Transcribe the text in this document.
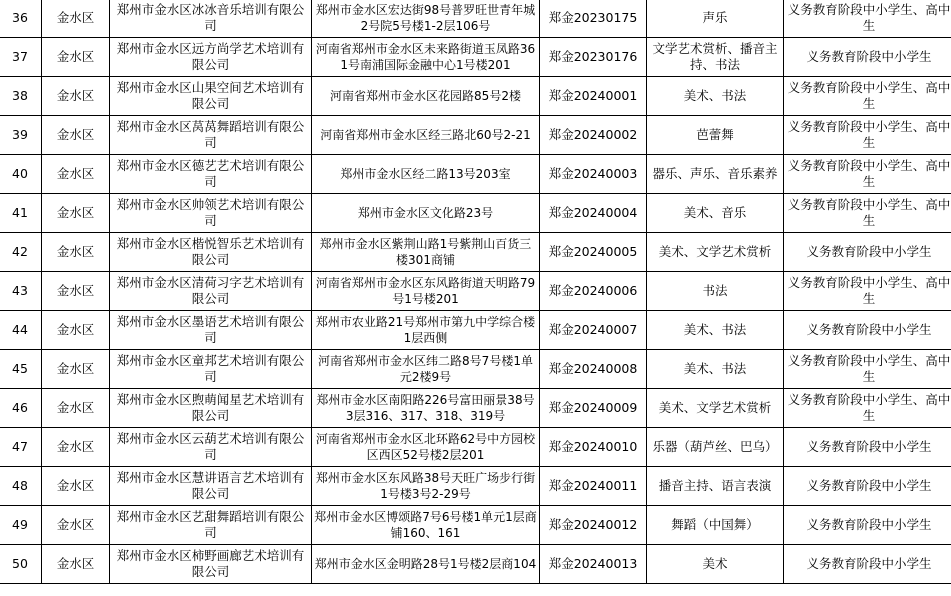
36	金水区	郑州市金水区冰冰音乐培训有限公司	郑州市金水区宏达街98号普罗旺世青年城2号院5号楼1-2层106号	郑金20230175	声乐	义务教育阶段中小学生、高中生
37	金水区	郑州市金水区远方尚学艺术培训有限公司	河南省郑州市金水区未来路街道玉凤路361号南浦国际金融中心1号楼201	郑金20230176	文学艺术赏析、播音主持、书法	义务教育阶段中小学生
38	金水区	郑州市金水区山果空间艺术培训有限公司	河南省郑州市金水区花园路85号2楼	郑金20240001	美术、书法	义务教育阶段中小学生、高中生
39	金水区	郑州市金水区莴莴舞蹈培训有限公司	河南省郑州市金水区经三路北60号2-21	郑金20240002	芭蕾舞	义务教育阶段中小学生、高中生
40	金水区	郑州市金水区德艺艺术培训有限公司	郑州市金水区经二路13号203室	郑金20240003	器乐、声乐、音乐素养	义务教育阶段中小学生、高中生
41	金水区	郑州市金水区帅领艺术培训有限公司	郑州市金水区文化路23号	郑金20240004	美术、音乐	义务教育阶段中小学生、高中生
42	金水区	郑州市金水区楷悦智乐艺术培训有限公司	郑州市金水区紫荆山路1号紫荆山百货三楼301商铺	郑金20240005	美术、文学艺术赏析	义务教育阶段中小学生
43	金水区	郑州市金水区清荷习字艺术培训有限公司	河南省郑州市金水区东风路街道天明路79号1号楼201	郑金20240006	书法	义务教育阶段中小学生、高中生
44	金水区	郑州市金水区墨语艺术培训有限公司	郑州市农业路21号郑州市第九中学综合楼1层西侧	郑金20240007	美术、书法	义务教育阶段中小学生
45	金水区	郑州市金水区童邦艺术培训有限公司	河南省郑州市金水区纬二路8号7号楼1单元2楼9号	郑金20240008	美术、书法	义务教育阶段中小学生、高中生
46	金水区	郑州市金水区煦萌闻星艺术培训有限公司	郑州市金水区南阳路226号富田丽景38号3层316、317、318、319号	郑金20240009	美术、文学艺术赏析	义务教育阶段中小学生、高中生
47	金水区	郑州市金水区云葫艺术培训有限公司	河南省郑州市金水区北环路62号中方园校区西区52号楼2层201	郑金20240010	乐器（葫芦丝、巴乌）	义务教育阶段中小学生
48	金水区	郑州市金水区慧讲语言艺术培训有限公司	郑州市金水区东风路38号天旺广场步行街1号楼3号2-29号	郑金20240011	播音主持、语言表演	义务教育阶段中小学生
49	金水区	郑州市金水区艺甜舞蹈培训有限公司	郑州市金水区博颂路7号6号楼1单元1层商铺160、161	郑金20240012	舞蹈（中国舞）	义务教育阶段中小学生
50	金水区	郑州市金水区柿野画廊艺术培训有限公司	郑州市金水区金明路28号1号楼2层商104	郑金20240013	美术	义务教育阶段中小学生
